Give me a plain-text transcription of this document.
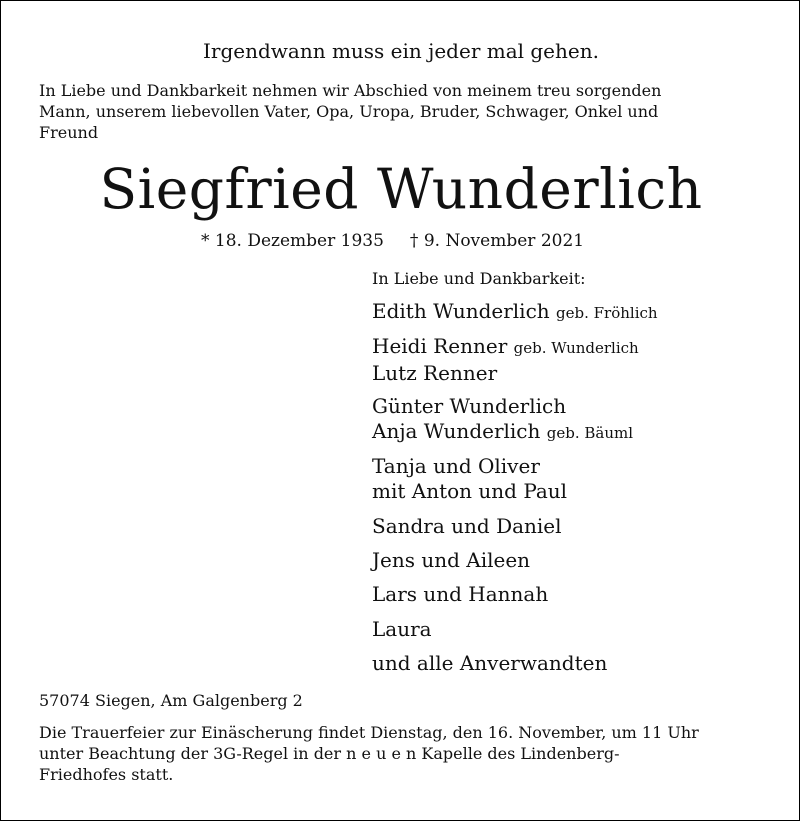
Irgendwann muss ein jeder mal gehen.
In Liebe und Dankbarkeit nehmen wir Abschied von meinem treu sorgenden
Mann, unserem liebevollen Vater, Opa, Uropa, Bruder, Schwager, Onkel und
Freund
Siegfried Wunderlich
* 18. Dezember 1935 † 9. November 2021
In Liebe und Dankbarkeit:
Edith Wunderlich geb. Fröhlich
Heidi Renner geb. Wunderlich
Lutz Renner
Günter Wunderlich
Anja Wunderlich geb. Bäuml
Tanja und Oliver
mit Anton und Paul
Sandra und Daniel
Jens und Aileen
Lars und Hannah
Laura
und alle Anverwandten
57074 Siegen, Am Galgenberg 2
Die Trauerfeier zur Einäscherung findet Dienstag, den 16. November, um 11 Uhr
unter Beachtung der 3G-Regel in der n e u e n Kapelle des Lindenberg-
Friedhofes statt.
